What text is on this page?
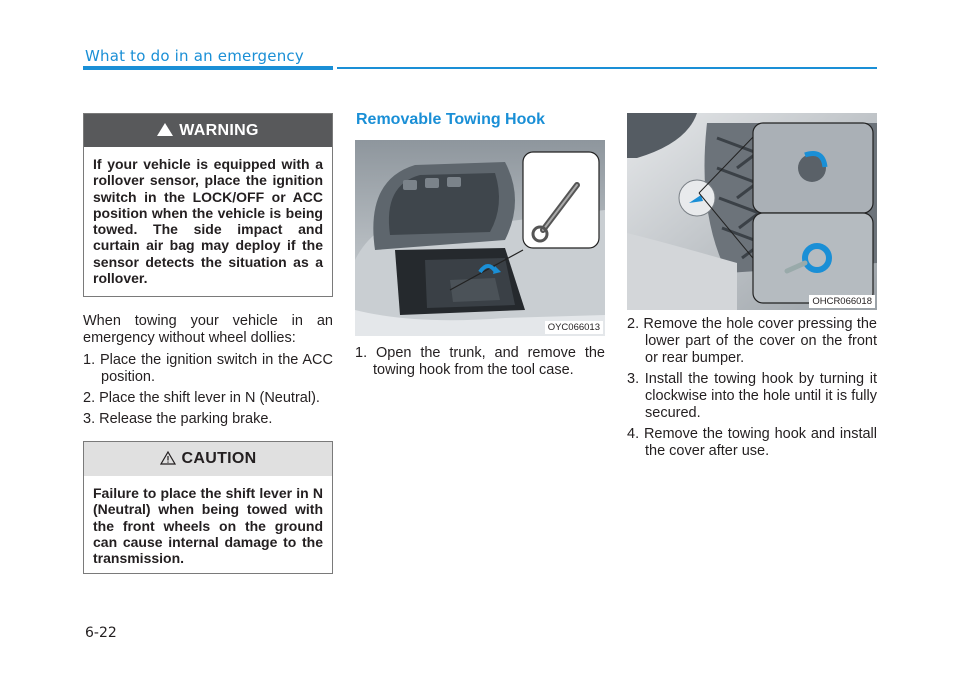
What to do in an emergency
WARNING
If your vehicle is equipped with a rollover sensor, place the ignition switch in the LOCK/OFF or ACC position when the vehicle is being towed. The side impact and curtain air bag may deploy if the sensor detects the situation as a rollover.
When towing your vehicle in an emergency without wheel dollies:
1. Place the ignition switch in the ACC position.
2. Place the shift lever in N (Neutral).
3. Release the parking brake.
CAUTION
Failure to place the shift lever in N (Neutral) when being towed with the front wheels on the ground can cause internal damage to the transmission.
Removable Towing Hook
OYC066013
1. Open the trunk, and remove the towing hook from the tool case.
OHCR066018
2. Remove the hole cover pressing the lower part of the cover on the front or rear bumper.
3. Install the towing hook by turning it clockwise into the hole until it is fully secured.
4. Remove the towing hook and install the cover after use.
6-22
